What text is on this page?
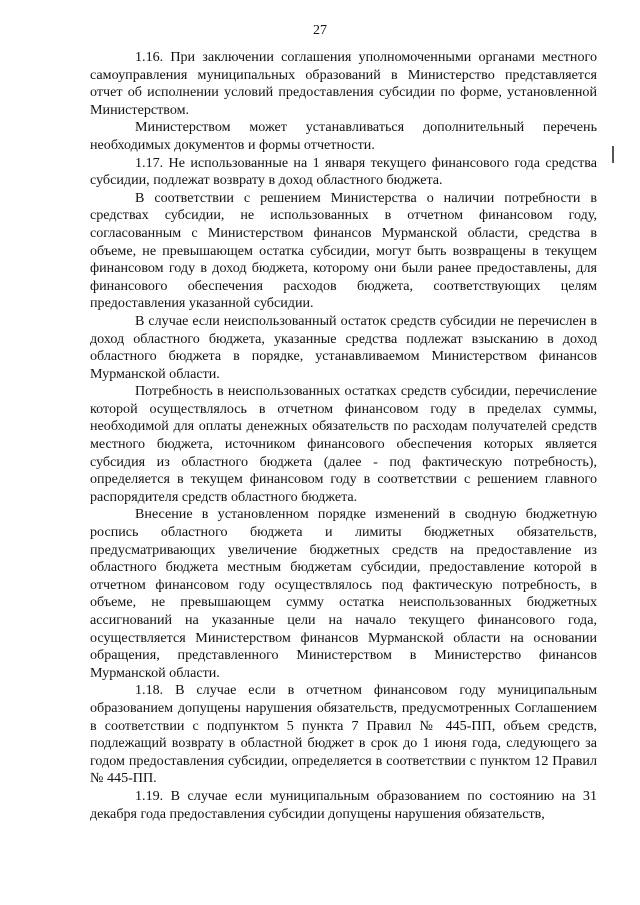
27

1.16. При заключении соглашения уполномоченными органами местного самоуправления муниципальных образований в Министерство представляется отчет об исполнении условий предоставления субсидии по форме, установленной Министерством.

Министерством может устанавливаться дополнительный перечень необходимых документов и формы отчетности.

1.17. Не использованные на 1 января текущего финансового года средства субсидии, подлежат возврату в доход областного бюджета.

В соответствии с решением Министерства о наличии потребности в средствах субсидии, не использованных в отчетном финансовом году, согласованным с Министерством финансов Мурманской области, средства в объеме, не превышающем остатка субсидии, могут быть возвращены в текущем финансовом году в доход бюджета, которому они были ранее предоставлены, для финансового обеспечения расходов бюджета, соответствующих целям предоставления указанной субсидии.

В случае если неиспользованный остаток средств субсидии не перечислен в доход областного бюджета, указанные средства подлежат взысканию в доход областного бюджета в порядке, устанавливаемом Министерством финансов Мурманской области.

Потребность в неиспользованных остатках средств субсидии, перечисление которой осуществлялось в отчетном финансовом году в пределах суммы, необходимой для оплаты денежных обязательств по расходам получателей средств местного бюджета, источником финансового обеспечения которых является субсидия из областного бюджета (далее - под фактическую потребность), определяется в текущем финансовом году в соответствии с решением главного распорядителя средств областного бюджета.

Внесение в установленном порядке изменений в сводную бюджетную роспись областного бюджета и лимиты бюджетных обязательств, предусматривающих увеличение бюджетных средств на предоставление из областного бюджета местным бюджетам субсидии, предоставление которой в отчетном финансовом году осуществлялось под фактическую потребность, в объеме, не превышающем сумму остатка неиспользованных бюджетных ассигнований на указанные цели на начало текущего финансового года, осуществляется Министерством финансов Мурманской области на основании обращения, представленного Министерством в Министерство финансов Мурманской области.

1.18. В случае если в отчетном финансовом году муниципальным образованием допущены нарушения обязательств, предусмотренных Соглашением в соответствии с подпунктом 5 пункта 7 Правил № 445-ПП, объем средств, подлежащий возврату в областной бюджет в срок до 1 июня года, следующего за годом предоставления субсидии, определяется в соответствии с пунктом 12 Правил № 445-ПП.

1.19. В случае если муниципальным образованием по состоянию на 31 декабря года предоставления субсидии допущены нарушения обязательств,
